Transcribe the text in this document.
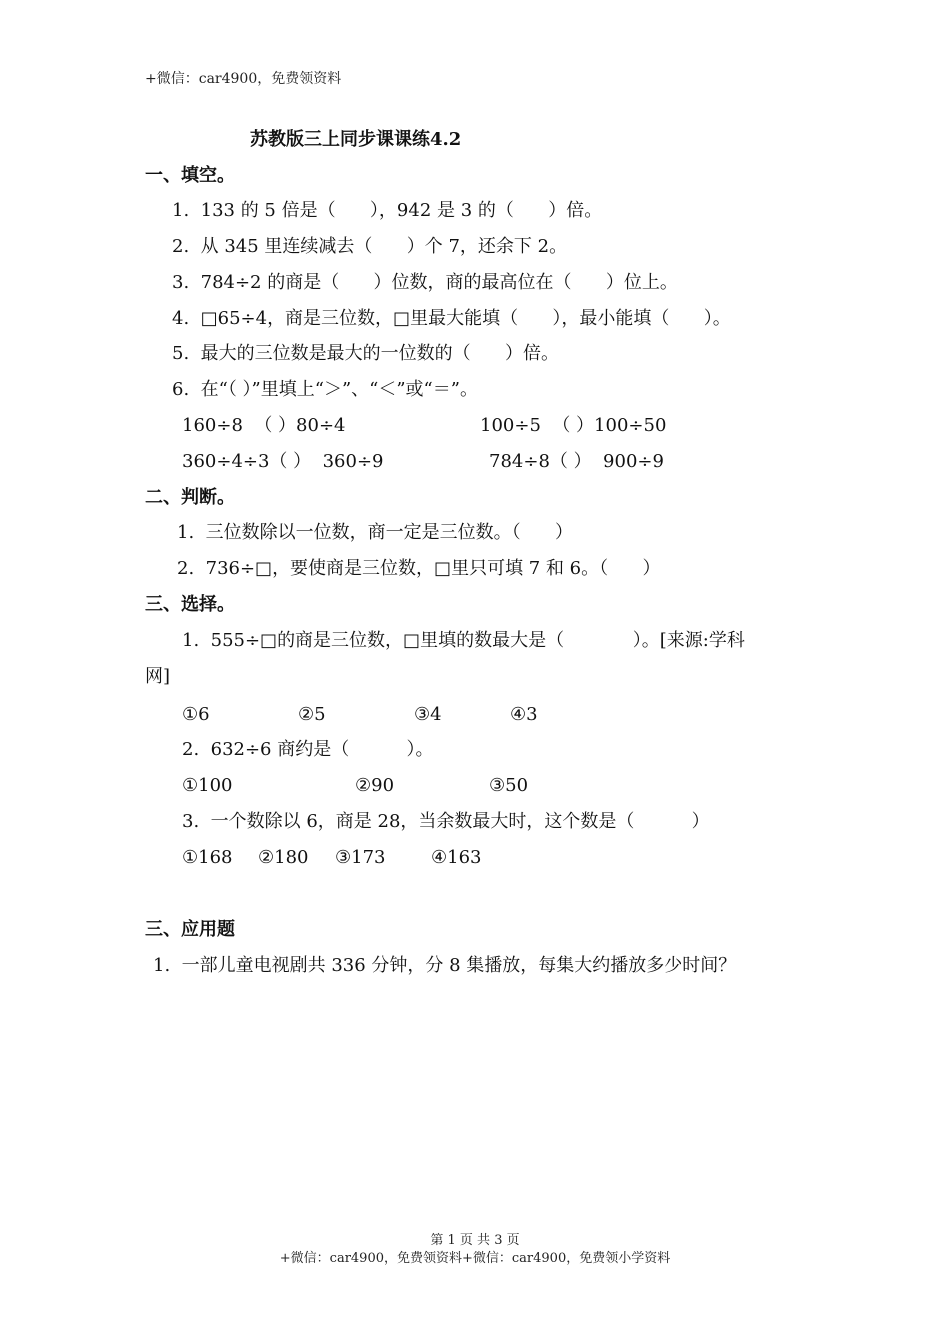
+微信：car4900，免费领资料
苏教版三上同步课课练4.2
一、填空。
1.  133 的 5 倍是（      ），942 是 3 的（      ）倍。
2.  从 345 里连续减去（      ）个 7，还余下 2。
3.  784÷2 的商是（      ）位数，商的最高位在（      ）位上。
4.  □65÷4，商是三位数，□里最大能填（      ），最小能填（      ）。
5.  最大的三位数是最大的一位数的（      ）倍。
6.  在“（ ）”里填上“＞”、“＜”或“＝”。
160÷8  （ ）80÷4	100÷5  （ ）100÷50
360÷4÷3（ ）  360÷9	784÷8（ ）  900÷9
二、判断。
1.  三位数除以一位数，商一定是三位数。（      ）
2.  736÷□，要使商是三位数，□里只可填 7 和 6。（      ）
三、选择。
1.  555÷□的商是三位数，□里填的数最大是（            ）。[来源:学科
网]
①6	②5	③4	④3
2.  632÷6 商约是（          ）。
①100	②90	③50
3.  一个数除以 6，商是 28，当余数最大时，这个数是（          ）
①168 ②180 ③173	④163
三、应用题
1.  一部儿童电视剧共 336 分钟，分 8 集播放，每集大约播放多少时间？
第 1 页 共 3 页
+微信：car4900，免费领资料+微信：car4900，免费领小学资料
